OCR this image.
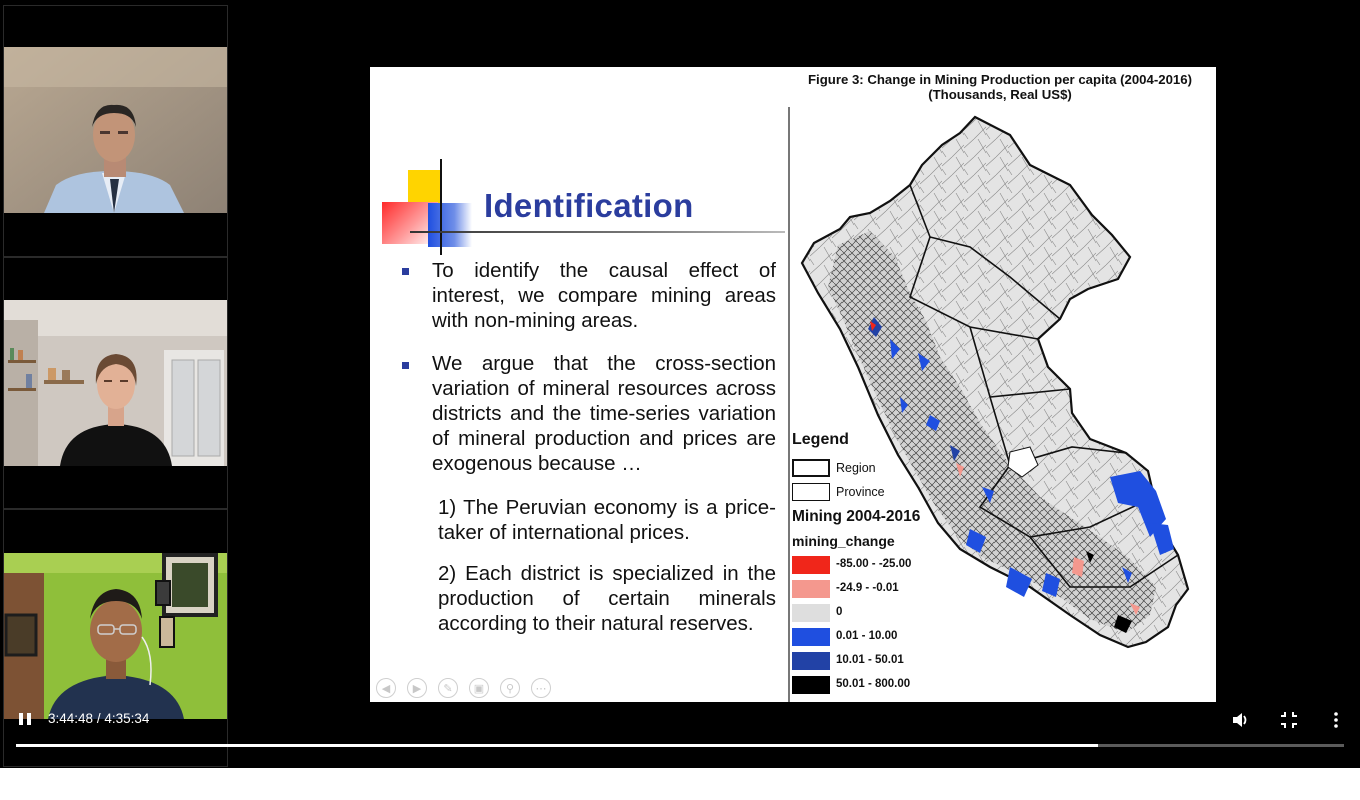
Identification
To identify the causal effect of interest, we compare mining areas with non-mining areas.
We argue that the cross-section variation of mineral resources across districts and the time-series variation of mineral production and prices are exogenous because …
1) The Peruvian economy is a price-taker of international prices.
2) Each district is specialized in the production of certain minerals according to their natural reserves.
◀	▶	✎	▣	⚲	⋯
Figure 3: Change in Mining Production per capita (2004-2016) (Thousands, Real US$)
Legend
Region
Province
Mining 2004-2016
mining_change
-85.00 - -25.00
-24.9 - -0.01
0
0.01 - 10.00
10.01 - 50.01
50.01 - 800.00
3:44:48 / 4:35:34
